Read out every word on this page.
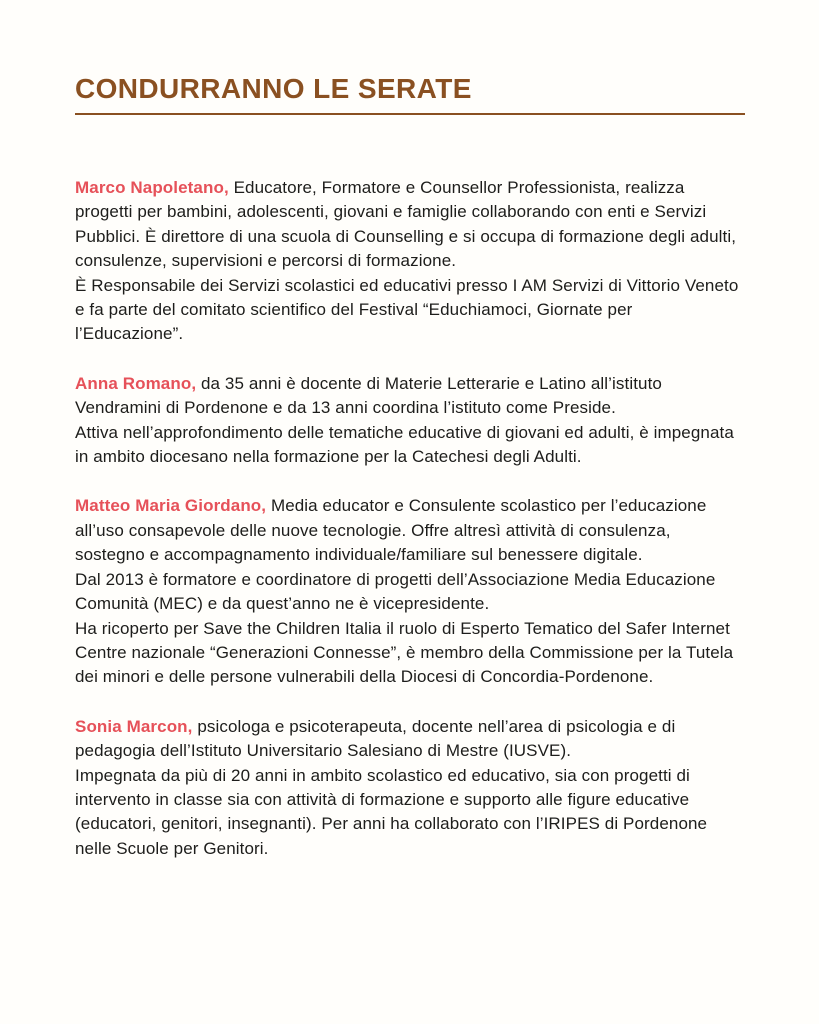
CONDURRANNO LE SERATE

Marco Napoletano, Educatore, Formatore e Counsellor Professionista, realizza progetti per bambini, adolescenti, giovani e famiglie collaborando con enti e Servizi Pubblici. È direttore di una scuola di Counselling e si occupa di formazione degli adulti, consulenze, supervisioni e percorsi di formazione.
È Responsabile dei Servizi scolastici ed educativi presso I AM Servizi di Vittorio Veneto e fa parte del comitato scientifico del Festival “Educhiamoci, Giornate per l’Educazione”.

Anna Romano, da 35 anni è docente di Materie Letterarie e Latino all’istituto Vendramini di Pordenone e da 13 anni coordina l’istituto come Preside.
Attiva nell’approfondimento delle tematiche educative di giovani ed adulti, è impegnata in ambito diocesano nella formazione per la Catechesi degli Adulti.

Matteo Maria Giordano, Media educator e Consulente scolastico per l’educazione all’uso consapevole delle nuove tecnologie. Offre altresì attività di consulenza, sostegno e accompagnamento individuale/familiare sul benessere digitale.
Dal 2013 è formatore e coordinatore di progetti dell’Associazione Media Educazione Comunità (MEC) e da quest’anno ne è vicepresidente.
Ha ricoperto per Save the Children Italia il ruolo di Esperto Tematico del Safer Internet Centre nazionale “Generazioni Connesse”, è membro della Commissione per la Tutela dei minori e delle persone vulnerabili della Diocesi di Concordia-Pordenone.

Sonia Marcon, psicologa e psicoterapeuta, docente nell’area di psicologia e di pedagogia dell’Istituto Universitario Salesiano di Mestre (IUSVE).
Impegnata da più di 20 anni in ambito scolastico ed educativo, sia con progetti di intervento in classe sia con attività di formazione e supporto alle figure educative (educatori, genitori, insegnanti). Per anni ha collaborato con l’IRIPES di Pordenone nelle Scuole per Genitori.
